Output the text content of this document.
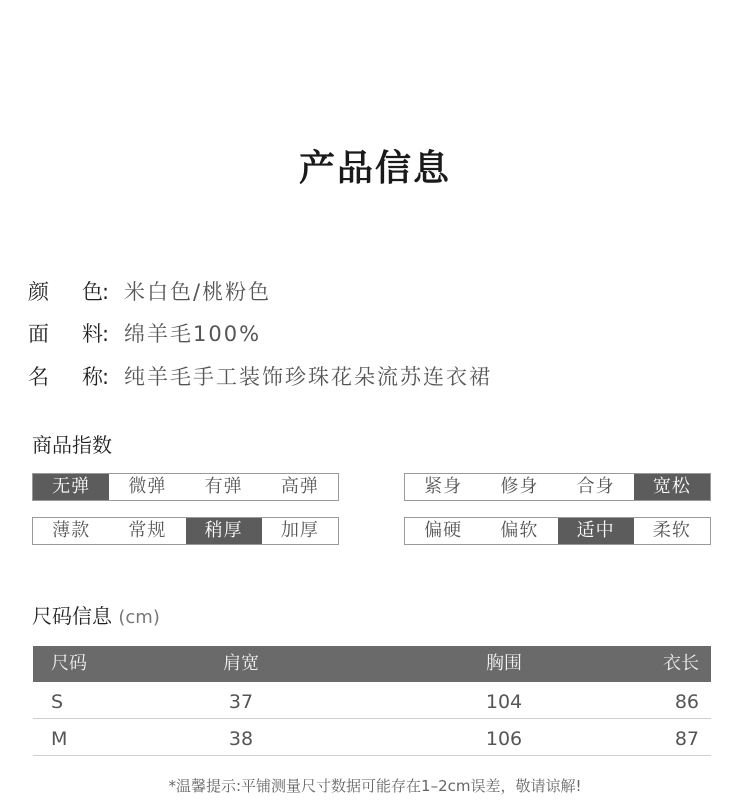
产品信息
颜 色 : 米白色/桃粉色
面 料 : 绵羊毛100%
名 称 : 纯羊毛手工装饰珍珠花朵流苏连衣裙
商品指数
无弹	微弹	有弹	高弹	紧身	修身	合身	宽松
薄款	常规	稍厚	加厚	偏硬	偏软	适中	柔软
尺码信息 (cm)
尺码	肩宽	胸围	衣长
S	37	104	86
M	38	106	87
*温馨提示:平铺测量尺寸数据可能存在1–2cm误差，敬请谅解!
